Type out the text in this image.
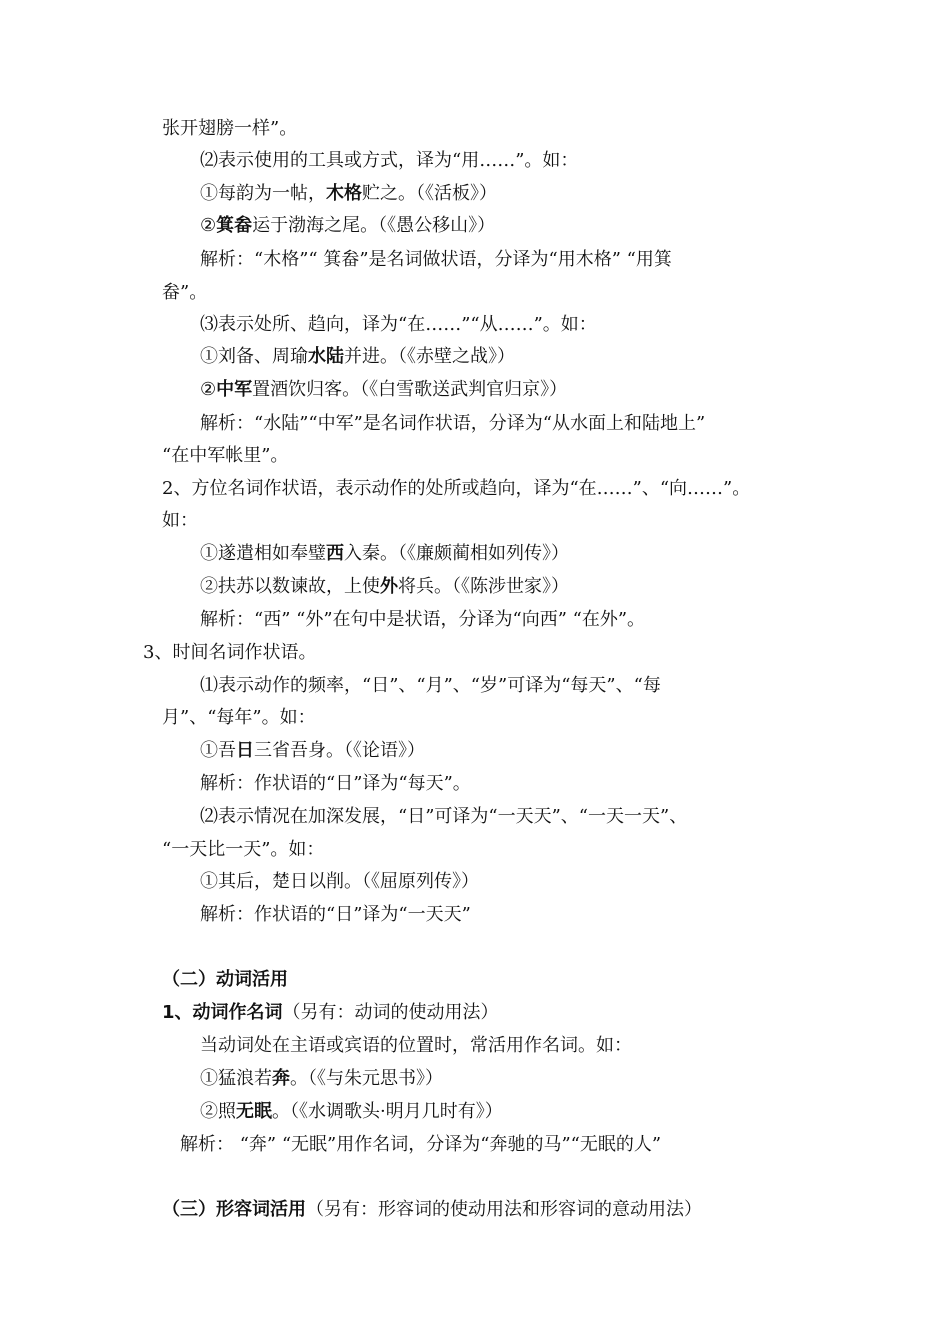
张开翅膀一样”。
⑵表示使用的工具或方式，译为“用……”。如：
①每韵为一帖，木格贮之。（《活板》）
②箕畚运于渤海之尾。（《愚公移山》）
解析：“木格”“ 箕畚”是名词做状语，分译为“用木格” “用箕
畚”。
⑶表示处所、趋向，译为“在……”“从……”。如：
①刘备、周瑜水陆并进。（《赤壁之战》）
②中军置酒饮归客。（《白雪歌送武判官归京》）
解析：“水陆”“中军”是名词作状语，分译为“从水面上和陆地上”
“在中军帐里”。
2、方位名词作状语，表示动作的处所或趋向，译为“在……”、“向……”。
如：
①遂遣相如奉璧西入秦。（《廉颇蔺相如列传》）
②扶苏以数谏故，上使外将兵。（《陈涉世家》）
解析：“西” “外”在句中是状语，分译为“向西” “在外”。
3、时间名词作状语。
⑴表示动作的频率，“日”、“月”、“岁”可译为“每天”、“每
月”、“每年”。如：
①吾日三省吾身。（《论语》）
解析：作状语的“日”译为“每天”。
⑵表示情况在加深发展，“日”可译为“一天天”、“一天一天”、
“一天比一天”。如：
①其后，楚日以削。（《屈原列传》）
解析：作状语的“日”译为“一天天”
（二）动词活用
1、动词作名词（另有：动词的使动用法）
当动词处在主语或宾语的位置时，常活用作名词。如：
①猛浪若奔。（《与朱元思书》）
②照无眠。（《水调歌头·明月几时有》）
解析： “奔” “无眠”用作名词，分译为“奔驰的马”“无眠的人”
（三）形容词活用（另有：形容词的使动用法和形容词的意动用法）
